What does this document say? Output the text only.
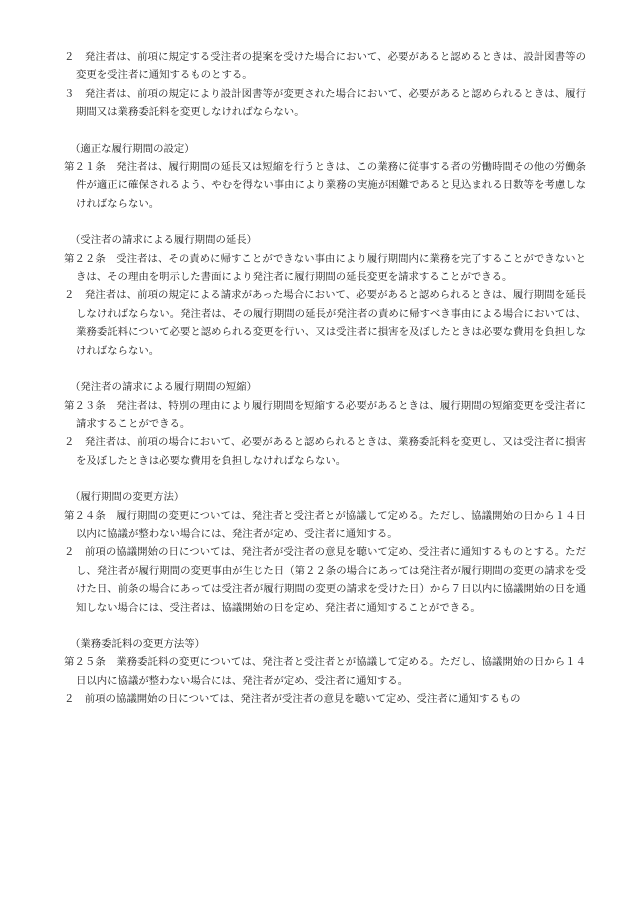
２　発注者は、前項に規定する受注者の提案を受けた場合において、必要があると認めるときは、設計図書等の変更を受注者に通知するものとする。

３　発注者は、前項の規定により設計図書等が変更された場合において、必要があると認められるときは、履行期間又は業務委託料を変更しなければならない。

（適正な履行期間の設定）

第２１条　発注者は、履行期間の延長又は短縮を行うときは、この業務に従事する者の労働時間その他の労働条件が適正に確保されるよう、やむを得ない事由により業務の実施が困難であると見込まれる日数等を考慮しなければならない。

（受注者の請求による履行期間の延長）

第２２条　受注者は、その責めに帰すことができない事由により履行期間内に業務を完了することができないときは、その理由を明示した書面により発注者に履行期間の延長変更を請求することができる。

２　発注者は、前項の規定による請求があった場合において、必要があると認められるときは、履行期間を延長しなければならない。発注者は、その履行期間の延長が発注者の責めに帰すべき事由による場合においては、業務委託料について必要と認められる変更を行い、又は受注者に損害を及ぼしたときは必要な費用を負担しなければならない。

（発注者の請求による履行期間の短縮）

第２３条　発注者は、特別の理由により履行期間を短縮する必要があるときは、履行期間の短縮変更を受注者に請求することができる。

２　発注者は、前項の場合において、必要があると認められるときは、業務委託料を変更し、又は受注者に損害を及ぼしたときは必要な費用を負担しなければならない。

（履行期間の変更方法）

第２４条　履行期間の変更については、発注者と受注者とが協議して定める。ただし、協議開始の日から１４日以内に協議が整わない場合には、発注者が定め、受注者に通知する。

２　前項の協議開始の日については、発注者が受注者の意見を聴いて定め、受注者に通知するものとする。ただし、発注者が履行期間の変更事由が生じた日（第２２条の場合にあっては発注者が履行期間の変更の請求を受けた日、前条の場合にあっては受注者が履行期間の変更の請求を受けた日）から７日以内に協議開始の日を通知しない場合には、受注者は、協議開始の日を定め、発注者に通知することができる。

（業務委託料の変更方法等）

第２５条　業務委託料の変更については、発注者と受注者とが協議して定める。ただし、協議開始の日から１４日以内に協議が整わない場合には、発注者が定め、受注者に通知する。

２　前項の協議開始の日については、発注者が受注者の意見を聴いて定め、受注者に通知するもの
